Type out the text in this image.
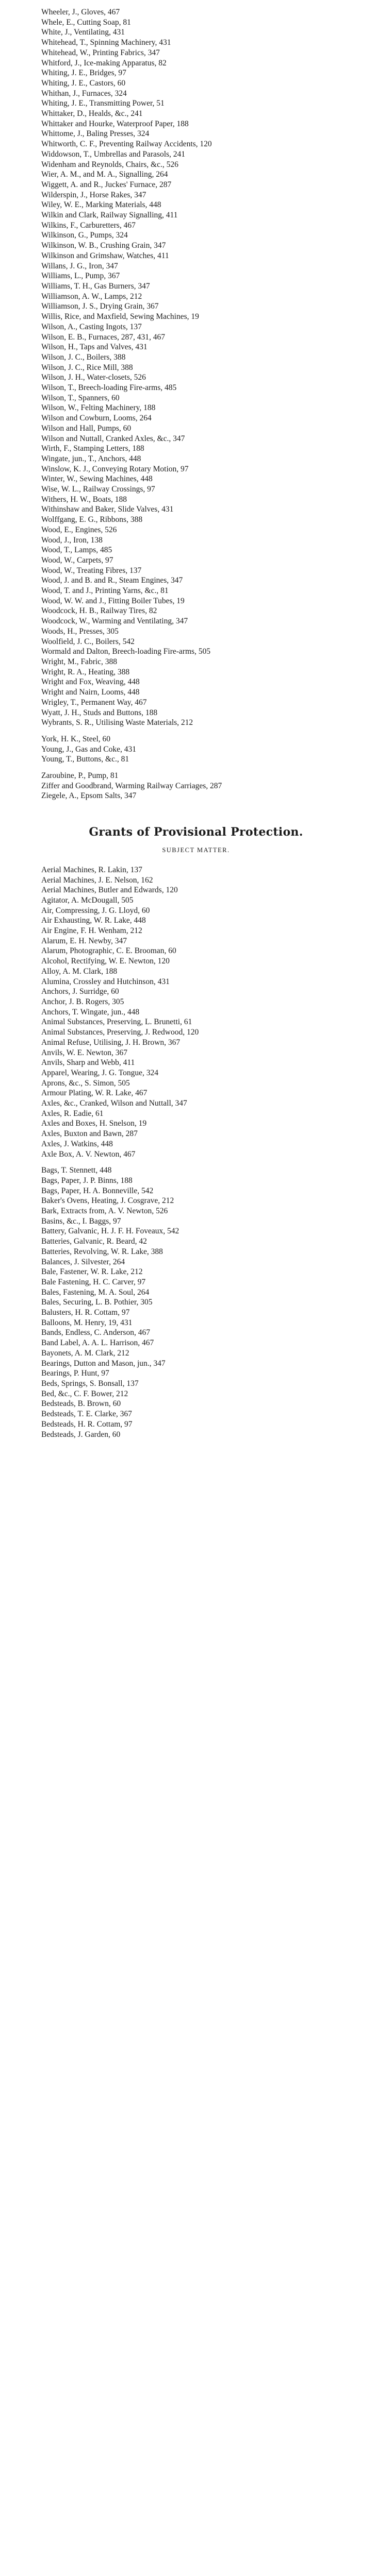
Wheeler, J., Gloves, 467

Whele, E., Cutting Soap, 81

White, J., Ventilating, 431

Whitehead, T., Spinning Machinery, 431

Whitehead, W., Printing Fabrics, 347

Whitford, J., Ice-making Apparatus, 82

Whiting, J. E., Bridges, 97

Whiting, J. E., Castors, 60

Whithan, J., Furnaces, 324

Whiting, J. E., Transmitting Power, 51

Whittaker, D., Healds, &c., 241

Whittaker and Hourke, Waterproof Paper, 188

Whittome, J., Baling Presses, 324

Whitworth, C. F., Preventing Railway Accidents, 120

Widdowson, T., Umbrellas and Parasols, 241

Widenham and Reynolds, Chairs, &c., 526

Wier, A. M., and M. A., Signalling, 264

Wiggett, A. and R., Juckes' Furnace, 287

Wilderspin, J., Horse Rakes, 347

Wiley, W. E., Marking Materials, 448

Wilkin and Clark, Railway Signalling, 411

Wilkins, F., Carburetters, 467

Wilkinson, G., Pumps, 324

Wilkinson, W. B., Crushing Grain, 347

Wilkinson and Grimshaw, Watches, 411

Willans, J. G., Iron, 347

Williams, L., Pump, 367

Williams, T. H., Gas Burners, 347

Williamson, A. W., Lamps, 212

Williamson, J. S., Drying Grain, 367

Willis, Rice, and Maxfield, Sewing Machines, 19

Wilson, A., Casting Ingots, 137

Wilson, E. B., Furnaces, 287, 431, 467

Wilson, H., Taps and Valves, 431

Wilson, J. C., Boilers, 388

Wilson, J. C., Rice Mill, 388

Wilson, J. H., Water-closets, 526

Wilson, T., Breech-loading Fire-arms, 485

Wilson, T., Spanners, 60

Wilson, W., Felting Machinery, 188

Wilson and Cowburn, Looms, 264

Wilson and Hall, Pumps, 60

Wilson and Nuttall, Cranked Axles, &c., 347

Wirth, F., Stamping Letters, 188

Wingate, jun., T., Anchors, 448

Winslow, K. J., Conveying Rotary Motion, 97

Winter, W., Sewing Machines, 448

Wise, W. L., Railway Crossings, 97

Withers, H. W., Boats, 188

Withinshaw and Baker, Slide Valves, 431

Wolffgang, E. G., Ribbons, 388

Wood, E., Engines, 526

Wood, J., Iron, 138

Wood, T., Lamps, 485

Wood, W., Carpets, 97

Wood, W., Treating Fibres, 137

Wood, J. and B. and R., Steam Engines, 347

Wood, T. and J., Printing Yarns, &c., 81

Wood, W. W. and J., Fitting Boiler Tubes, 19

Woodcock, H. B., Railway Tires, 82

Woodcock, W., Warming and Ventilating, 347

Woods, H., Presses, 305

Woolfield, J. C., Boilers, 542

Wormald and Dalton, Breech-loading Fire-arms, 505

Wright, M., Fabric, 388

Wright, R. A., Heating, 388

Wright and Fox, Weaving, 448

Wright and Nairn, Looms, 448

Wrigley, T., Permanent Way, 467

Wyatt, J. H., Studs and Buttons, 188

Wybrants, S. R., Utilising Waste Materials, 212

York, H. K., Steel, 60

Young, J., Gas and Coke, 431

Young, T., Buttons, &c., 81

Zaroubine, P., Pump, 81

Ziffer and Goodbrand, Warming Railway Carriages, 287

Ziegele, A., Epsom Salts, 347

Grants of Provisional Protection.
SUBJECT MATTER.

Aerial Machines, R. Lakin, 137

Aerial Machines, J. E. Nelson, 162

Aerial Machines, Butler and Edwards, 120

Agitator, A. McDougall, 505

Air, Compressing, J. G. Lloyd, 60

Air Exhausting, W. R. Lake, 448

Air Engine, F. H. Wenham, 212

Alarum, E. H. Newby, 347

Alarum, Photographic, C. E. Brooman, 60

Alcohol, Rectifying, W. E. Newton, 120

Alloy, A. M. Clark, 188

Alumina, Crossley and Hutchinson, 431

Anchors, J. Surridge, 60

Anchor, J. B. Rogers, 305

Anchors, T. Wingate, jun., 448

Animal Substances, Preserving, L. Brunetti, 61

Animal Substances, Preserving, J. Redwood, 120

Animal Refuse, Utilising, J. H. Brown, 367

Anvils, W. E. Newton, 367

Anvils, Sharp and Webb, 411

Apparel, Wearing, J. G. Tongue, 324

Aprons, &c., S. Simon, 505

Armour Plating, W. R. Lake, 467

Axles, &c., Cranked, Wilson and Nuttall, 347

Axles, R. Eadie, 61

Axles and Boxes, H. Snelson, 19

Axles, Buxton and Bawn, 287

Axles, J. Watkins, 448

Axle Box, A. V. Newton, 467

Bags, T. Stennett, 448

Bags, Paper, J. P. Binns, 188

Bags, Paper, H. A. Bonneville, 542

Baker's Ovens, Heating, J. Cosgrave, 212

Bark, Extracts from, A. V. Newton, 526

Basins, &c., I. Baggs, 97

Battery, Galvanic, H. J. F. H. Foveaux, 542

Batteries, Galvanic, R. Beard, 42

Batteries, Revolving, W. R. Lake, 388

Balances, J. Silvester, 264

Bale, Fastener, W. R. Lake, 212

Bale Fastening, H. C. Carver, 97

Bales, Fastening, M. A. Soul, 264

Bales, Securing, L. B. Pothier, 305

Balusters, H. R. Cottam, 97

Balloons, M. Henry, 19, 431

Bands, Endless, C. Anderson, 467

Band Label, A. A. L. Harrison, 467

Bayonets, A. M. Clark, 212

Bearings, Dutton and Mason, jun., 347

Bearings, P. Hunt, 97

Beds, Springs, S. Bonsall, 137

Bed, &c., C. F. Bower, 212

Bedsteads, B. Brown, 60

Bedsteads, T. E. Clarke, 367

Bedsteads, H. R. Cottam, 97

Bedsteads, J. Garden, 60
